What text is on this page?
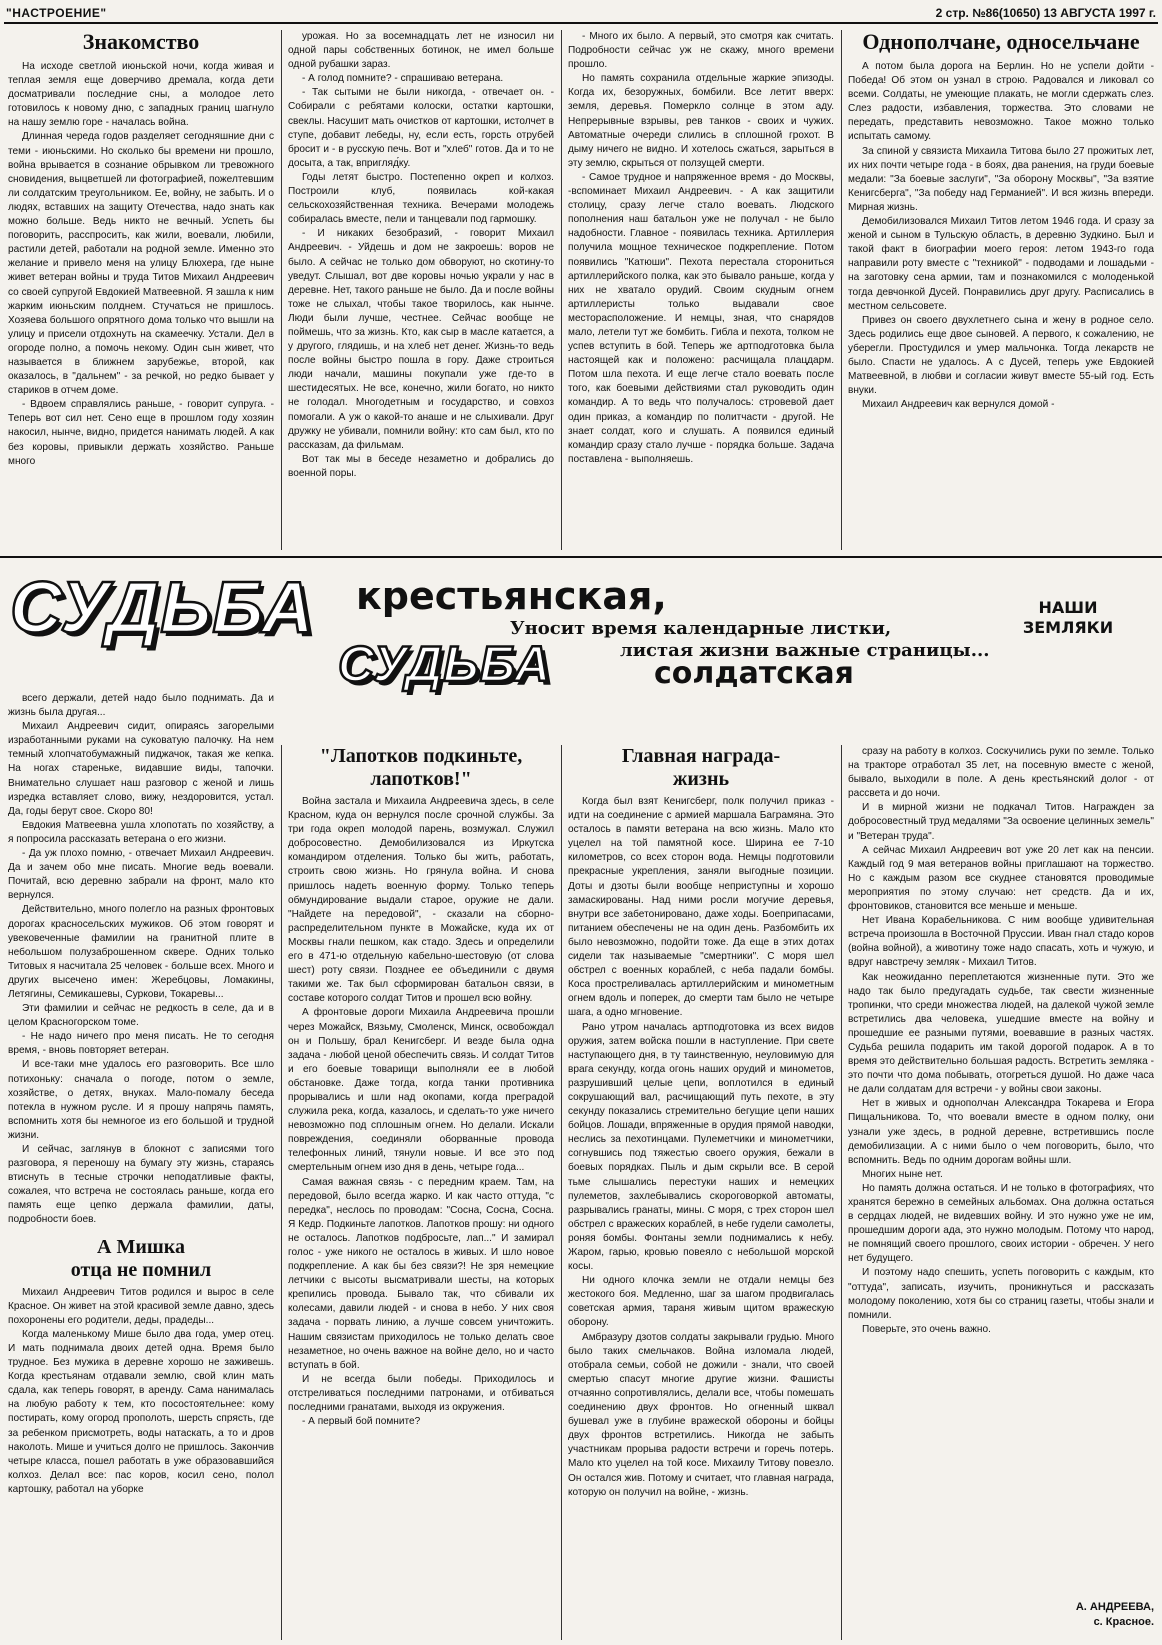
"НАСТРОЕНИЕ"	2 стр. №86(10650) 13 АВГУСТА 1997 г.
Знакомство

На исходе светлой июньской ночи, когда живая и теплая земля еще доверчиво дремала, когда дети досматривали последние сны, а молодое лето готовилось к новому дню, с западных границ шагнуло на нашу землю горе - началась война.

Длинная череда годов разделяет сегодняшние дни с теми - июньскими. Но сколько бы времени ни прошло, война врывается в сознание обрывком ли тревожного сновидения, выцветшей ли фотографией, пожелтевшим ли солдатским треугольником. Ее, войну, не забыть. И о людях, вставших на защиту Отечества, надо знать как можно больше. Ведь никто не вечный. Успеть бы поговорить, расспросить, как жили, воевали, любили, растили детей, работали на родной земле. Именно это желание и привело меня на улицу Блюхера, где ныне живет ветеран войны и труда Титов Михаил Андреевич со своей супругой Евдокией Матвеевной. Я зашла к ним жарким июньским полднем. Стучаться не пришлось. Хозяева большого опрятного дома только что вышли на улицу и присели отдохнуть на скамеечку. Устали. Дел в огороде полно, а помочь некому. Один сын живет, что называется в ближнем зарубежье, второй, как оказалось, в "дальнем" - за речкой, но редко бывает у стариков в отчем доме.

- Вдвоем справлялись раньше, - говорит супруга. - Теперь вот сил нет. Сено еще в прошлом году хозяин накосил, нынче, видно, придется нанимать людей. А как без коровы, привыкли держать хозяйство. Раньше много

урожая. Но за восемнадцать лет не износил ни одной пары собственных ботинок, не имел больше одной рубашки зараз.

- А голод помните? - спрашиваю ветерана.

- Так сытыми не были никогда, - отвечает он. - Собирали с ребятами колоски, остатки картошки, свеклы. Насушит мать очистков от картошки, истолчет в ступе, добавит лебеды, ну, если есть, горсть отрубей бросит и - в русскую печь. Вот и "хлеб" готов. Да и то не досыта, а так, впригляд́ку.

Годы летят быстро. Постепенно окреп и колхоз. Построили клуб, появилась кой-какая сельскохозяйственная техника. Вечерами молодежь собиралась вместе, пели и танцевали под гармошку.

- И никаких безобразий, - говорит Михаил Андреевич. - Уйдешь и дом не закроешь: воров не было. А сейчас не только дом обворуют, но скотину-то уведут. Слышал, вот две коровы ночью украли у нас в деревне. Нет, такого раньше не было. Да и после войны тоже не слыхал, чтобы такое творилось, как нынче. Люди были лучше, честнее. Сейчас вообще не поймешь, что за жизнь. Кто, как сыр в масле катается, а у другого, глядишь, и на хлеб нет денег. Жизнь-то ведь после войны быстро пошла в гору. Даже строиться люди начали, машины покупали уже где-то в шестидесятых. Не все, конечно, жили богато, но никто не голодал. Многодетным и государство, и совхоз помогали. А уж о какой-то анаше и не слыхивали. Друг дружку не убивали, помнили войну: кто сам был, кто по рассказам, да фильмам.

Вот так мы в беседе незаметно и добрались до военной поры.

- Много их было. А первый, это смотря как считать. Подробности сейчас уж не скажу, много времени прошло.

Но память сохранила отдельные жаркие эпизоды. Когда их, безоружных, бомбили. Все летит вверх: земля, деревья. Померкло солнце в этом аду. Непрерывные взрывы, рев танков - своих и чужих. Автоматные очереди слились в сплошной грохот. В дыму ничего не видно. И хотелось сжаться, зарыться в эту землю, скрыться от ползущей смерти.

- Самое трудное и напряженное время - до Москвы, -вспоминает Михаил Андреевич. - А как защитили столицу, сразу легче стало воевать. Людского пополнения наш батальон уже не получал - не было надобности. Главное - появилась техника. Артиллерия получила мощное техническое подкрепление. Потом появились "Катюши". Пехота перестала сторониться артиллерийского полка, как это бывало раньше, когда у них не хватало орудий. Своим скудным огнем артиллеристы только выдавали свое месторасположение. И немцы, зная, что снарядов мало, летели тут же бомбить. Гибла и пехота, толком не успев вступить в бой. Теперь же артподготовка была настоящей как и положено: расчищала плацдарм. Потом шла пехота. И еще легче стало воевать после того, как боевыми действиями стал руководить один командир. А то ведь что получалось: стровевой дает один приказ, а командир по политчасти - другой. Не знает солдат, кого и слушать. А появился единый командир сразу стало лучше - порядка больше. Задача поставлена - выполняешь.

Однополчане, односельчане

А потом была дорога на Берлин. Но не успели дойти - Победа! Об этом он узнал в строю. Радовался и ликовал со всеми. Солдаты, не умеющие плакать, не могли сдержать слез. Слез радости, избавления, торжества. Это словами не передать, представить невозможно. Такое можно только испытать самому.

За спиной у связиста Михаила Титова было 27 прожитых лет, их них почти четыре года - в боях, два ранения, на груди боевые медали: "За боевые заслуги", "За оборону Москвы", "За взятие Кенигсберга", "За победу над Германией". И вся жизнь впереди. Мирная жизнь.

Демобилизовался Михаил Титов летом 1946 года. И сразу за женой и сыном в Тульскую область, в деревню Зудкино. Был и такой факт в биографии моего героя: летом 1943-го года направили роту вместе с "техникой" - подводами и лошадьми - на заготовку сена армии, там и познакомился с молоденькой тогда девчонкой Дусей. Понравились друг другу. Расписались в местном сельсовете.

Привез он своего двухлетнего сына и жену в родное село. Здесь родились еще двое сыновей. А первого, к сожалению, не уберегли. Простудился и умер мальчонка. Тогда лекарств не было. Спасти не удалось. А с Дусей, теперь уже Евдокией Матвеевной, в любви и согласии живут вместе 55-ый год. Есть внуки.

Михаил Андреевич как вернулся домой -

СУДЬБА крестьянская,	НАШИ ЗЕМЛЯКИ
Уносит время календарные листки,
листая жизни важные страницы...
СУДЬБА	солдатская

всего держали, детей надо было поднимать. Да и жизнь была другая...

Михаил Андреевич сидит, опираясь загорелыми изработанными руками на суковатую палочку. На нем темный хлопчатобумажный пиджачок, такая же кепка. На ногах стареньке, видавшие виды, тапочки. Внимательно слушает наш разговор с женой и лишь изредка вставляет слово, вижу, нездоровится, устал. Да, годы берут свое. Скоро 80!

Евдокия Матвеевна ушла хлопотать по хозяйству, а я попросила рассказать ветерана о его жизни.

- Да уж плохо помню, - отвечает Михаил Андреевич. Да и зачем обо мне писать. Многие ведь воевали. Почитай, всю деревню забрали на фронт, мало кто вернулся.

Действительно, много полегло на разных фронтовых дорогах красносельских мужиков. Об этом говорят и увековеченные фамилии на гранитной плите в небольшом полузаброшенном сквере. Одних только Титовых я насчитала 25 человек - больше всех. Много и других высечено имен: Жеребцовы, Ломакины, Летягины, Семикашевы, Суркови, Токаревы...

Эти фамилии и сейчас не редкость в селе, да и в целом Красногорском томе.

- Не надо ничего про меня писать. Не то сегодня время, - вновь повторяет ветеран.

И все-таки мне удалось его разговорить. Все шло потихоньку: сначала о погоде, потом о земле, хозяйстве, о детях, внуках. Мало-помалу беседа потекла в нужном русле. И я прошу напрячь память, вспомнить хотя бы немногое из его большой и трудной жизни.

И сейчас, заглянув в блокнот с записями того разговора, я переношу на бумагу эту жизнь, стараясь втиснуть в тесные строчки неподатливые факты, сожалея, что встреча не состоялась раньше, когда его память еще цепко держала фамилии, даты, подробности боев.

А Мишка
отца не помнил

Михаил Андреевич Титов родился и вырос в селе Красное. Он живет на этой красивой земле давно, здесь похоронены его родители, деды, прадеды...

Когда маленькому Мише было два года, умер отец. И мать поднимала двоих детей одна. Время было трудное. Без мужика в деревне хорошо не заживешь. Когда крестьянам отдавали землю, свой клин мать сдала, как теперь говорят, в аренду. Сама нанималась на любую работу к тем, кто посостоятельнее: кому постирать, кому огород прополоть, шерсть спрясть, где за ребенком присмотреть, воды натаскать, а то и дров наколоть. Мише и учиться долго не пришлось. Закончив четыре класса, пошел работать в уже образовавшийся колхоз. Делал все: пас коров, косил сено, полол картошку, работал на уборке

"Лапотков подкиньте,
лапотков!"

Война застала и Михаила Андреевича здесь, в селе Красном, куда он вернулся после срочной службы. За три года окреп молодой парень, возмужал. Служил добросовестно. Демобилизовался из Иркутска командиром отделения. Только бы жить, работать, строить свою жизнь. Но грянула война. И снова пришлось надеть военную форму. Только теперь обмундирование выдали старое, оружие не дали. "Найдете на передовой", - сказали на сборно-распределительном пункте в Можайске, куда их от Москвы гнали пешком, как стадо. Здесь и определили его в 471-ю отдельную кабельно-шестовую (от слова шест) роту связи. Позднее ее объединили с двумя такими же. Так был сформирован батальон связи, в составе которого солдат Титов и прошел всю войну.

А фронтовые дороги Михаила Андреевича прошли через Можайск, Вязьму, Смоленск, Минск, освобождал он и Польшу, брал Кенигсберг. И везде была одна задача - любой ценой обеспечить связь. И солдат Титов и его боевые товарищи выполняли ее в любой обстановке. Даже тогда, когда танки противника прорывались и шли над окопами, когда преградой служила река, когда, казалось, и сделать-то уже ничего невозможно под сплошным огнем. Но делали. Искали повреждения, соединяли оборванные провода телефонных линий, тянули новые. И все это под смертельным огнем изо дня в день, четыре года...

Самая важная связь - с передним краем. Там, на передовой, было всегда жарко. И как часто оттуда, "с передка", неслось по проводам: "Сосна, Сосна, Сосна. Я Кедр. Подкиньте лапотков. Лапотков прошу: ни одного не осталось. Лапотков подбросьте, лап..." И замирал голос - уже никого не осталось в живых. И шло новое подкрепление. А как бы без связи?! Не зря немецкие летчики с высоты высматривали шесты, на которых крепились провода. Бывало так, что сбивали их колесами, давили людей - и снова в небо. У них своя задача - порвать линию, а лучше совсем уничтожить. Нашим связистам приходилось не только делать свое незаметное, но очень важное на войне дело, но и часто вступать в бой.

И не всегда были победы. Приходилось и отстреливаться последними патронами, и отбиваться последними гранатами, выходя из окружения.

- А первый бой помните?

Главная награда-
жизнь

Когда был взят Кенигсберг, полк получил приказ - идти на соединение с армией маршала Баграмяна. Это осталось в памяти ветерана на всю жизнь. Мало кто уцелел на той памятной косе. Ширина ее 7-10 километров, со всех сторон вода. Немцы подготовили прекрасные укрепления, заняли выгодные позиции. Доты и дзоты были вообще неприступны и хорошо замаскированы. Над ними росли могучие деревья, внутри все забетонировано, даже ходы. Боеприпасами, питанием обеспечены не на один день. Разбомбить их было невозможно, подойти тоже. Да еще в этих дотах сидели так называемые "смертники". С моря шел обстрел с военных кораблей, с неба падали бомбы. Коса простреливалась артиллерийским и минометным огнем вдоль и поперек, до смерти там было не четыре шага, а одно мгновение.

Рано утром началась артподготовка из всех видов оружия, затем войска пошли в наступление. При свете наступающего дня, в ту таинственную, неуловимую для врага секунду, когда огонь наших орудий и минометов, разрушивший целые цепи, воплотился в единый сокрушающий вал, расчищающий путь пехоте, в эту секунду показались стремительно бегущие цепи наших бойцов. Лошади, впряженные в орудия прямой наводки, неслись за пехотинцами. Пулеметчики и минометчики, согнувшись под тяжестью своего оружия, бежали в боевых порядках. Пыль и дым скрыли все. В серой тьме слышались перестуки наших и немецких пулеметов, захлебывались скороговоркой автоматы, разрывались гранаты, мины. С моря, с трех сторон шел обстрел с вражеских кораблей, в небе гудели самолеты, роняя бомбы. Фонтаны земли поднимались к небу. Жаром, гарью, кровью повеяло с небольшой морской косы.

Ни одного клочка земли не отдали немцы без жестокого боя. Медленно, шаг за шагом продвигалась советская армия, тараня живым щитом вражескую оборону.

Амбразуру дзотов солдаты закрывали грудью. Много было таких смельчаков. Война изломала людей, отобрала семьи, собой не дожили - знали, что своей смертью спасут многие другие жизни. Фашисты отчаянно сопротивлялись, делали все, чтобы помешать соединению двух фронтов. Но огненный шквал бушевал уже в глубине вражеской обороны и бойцы двух фронтов встретились. Никогда не забыть участникам прорыва радости встречи и горечь потерь. Мало кто уцелел на той косе. Михаилу Титову повезло. Он остался жив. Потому и считает, что главная награда, которую он получил на войне, - жизнь.

сразу на работу в колхоз. Соскучились руки по земле. Только на тракторе отработал 35 лет, на посевную вместе с женой, бывало, выходили в поле. А день крестьянский долог - от рассвета и до ночи.

И в мирной жизни не подкачал Титов. Награжден за добросовестный труд медалями "За освоение целинных земель" и "Ветеран труда".

А сейчас Михаил Андреевич вот уже 20 лет как на пенсии. Каждый год 9 мая ветеранов войны приглашают на торжество. Но с каждым разом все скуднее становятся проводимые мероприятия по этому случаю: нет средств. Да и их, фронтовиков, становится все меньше и меньше.

Нет Ивана Корабельникова. С ним вообще удивительная встреча произошла в Восточной Пруссии. Иван гнал стадо коров (война войной), а животину тоже надо спасать, хоть и чужую, и вдруг навстречу земляк - Михаил Титов.

Как неожиданно переплетаются жизненные пути. Это же надо так было предугадать судьбе, так свести жизненные тропинки, что среди множества людей, на далекой чужой земле встретились два человека, ушедшие вместе на войну и прошедшие ее разными путями, воевавшие в разных частях. Судьба решила подарить им такой дорогой подарок. А в то время это действительно большая радость. Встретить земляка - это почти что дома побывать, отогреться душой. Но даже часа не дали солдатам для встречи - у войны свои законы.

Нет в живых и однополчан Александра Токарева и Егора Пищальникова. То, что воевали вместе в одном полку, они узнали уже здесь, в родной деревне, встретившись после демобилизации. А с ними было о чем поговорить, было, что вспомнить. Ведь по одним дорогам войны шли.

Многих ныне нет.

Но память должна остаться. И не только в фотографиях, что хранятся бережно в семейных альбомах. Она должна остаться в сердцах людей, не видевших войну. И это нужно уже не им, прошедшим дороги ада, это нужно молодым. Потому что народ, не помнящий своего прошлого, своих истории - обречен. У него нет будущего.

И поэтому надо спешить, успеть поговорить с каждым, кто "оттуда", записать, изучить, проникнуться и рассказать молодому поколению, хотя бы со страниц газеты, чтобы знали и помнили.

Поверьте, это очень важно.

А. АНДРЕЕВА,
с. Красное.
